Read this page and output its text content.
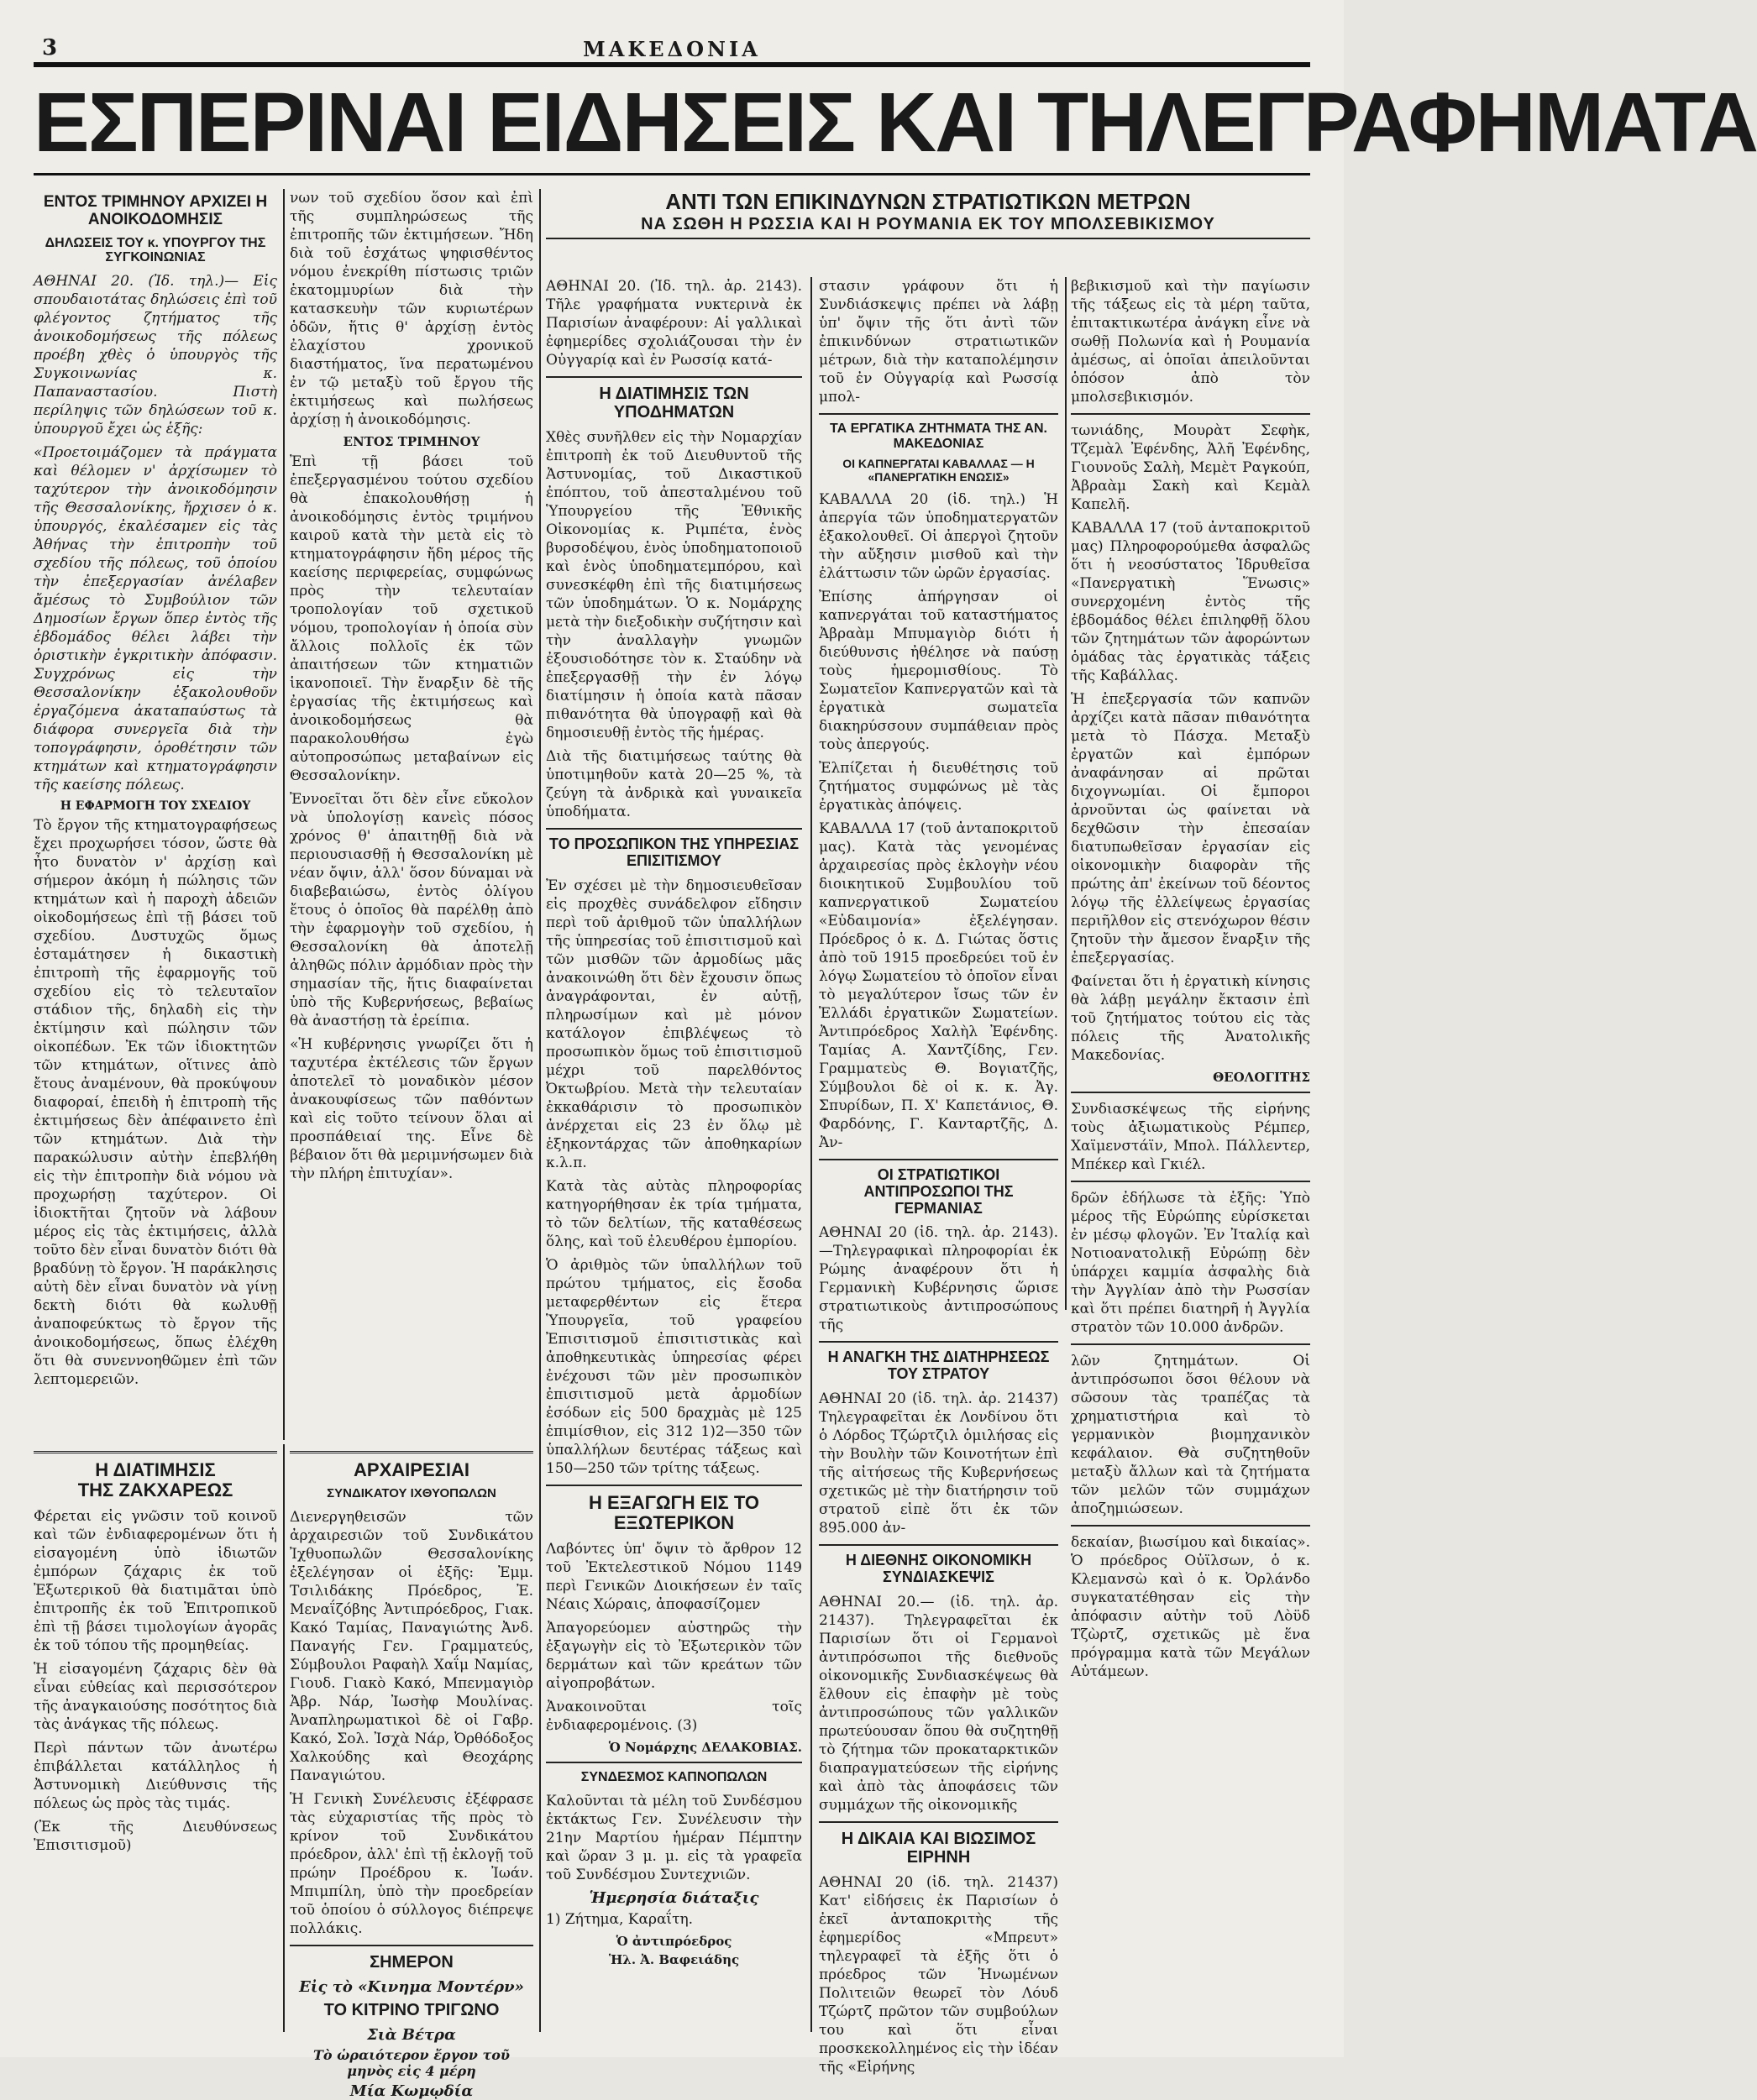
3	ΜΑΚΕΔΟΝΙΑ
ΕΣΠΕΡΙΝΑΙ ΕΙΔΗΣΕΙΣ ΚΑΙ ΤΗΛΕΓΡΑΦΗΜΑΤΑ
ΕΝΤΟΣ ΤΡΙΜΗΝΟΥ ΑΡΧΙΖΕΙ Η ΑΝΟΙΚΟΔΟΜΗΣΙΣ
ΔΗΛΩΣΕΙΣ ΤΟΥ κ. ΥΠΟΥΡΓΟΥ ΤΗΣ ΣΥΓΚΟΙΝΩΝΙΑΣ

ΑΘΗΝΑΙ 20. (Ἰδ. τηλ.)— Εἰς σπουδαιοτάτας δηλώσεις ἐπὶ τοῦ φλέγοντος ζητήματος τῆς ἀνοικοδομήσεως τῆς πόλεως προέβη χθὲς ὁ ὑπουργὸς τῆς Συγκοινωνίας κ. Παπαναστασίου. Πιστὴ περίληψις τῶν δηλώσεων τοῦ κ. ὑπουργοῦ ἔχει ὡς ἑξῆς:

«Προετοιμάζομεν τὰ πράγματα καὶ θέλομεν ν' ἀρχίσωμεν τὸ ταχύτερον τὴν ἀνοικοδόμησιν τῆς Θεσσαλονίκης, ἤρχισεν ὁ κ. ὑπουργός, ἐκαλέσαμεν εἰς τὰς Ἀθήνας τὴν ἐπιτροπὴν τοῦ σχεδίου τῆς πόλεως, τοῦ ὁποίου τὴν ἐπεξεργασίαν ἀνέλαβεν ἄμέσως τὸ Συμβούλιον τῶν Δημοσίων ἔργων ὅπερ ἐντὸς τῆς ἑβδομάδος θέλει λάβει τὴν ὁριστικὴν ἐγκριτικὴν ἀπόφασιν. Συγχρόνως εἰς τὴν Θεσσαλονίκην ἐξακολουθοῦν ἐργαζόμενα ἀκαταπαύστως τὰ διάφορα συνεργεῖα διὰ τὴν τοπογράφησιν, ὁροθέτησιν τῶν κτημάτων καὶ κτηματογράφησιν τῆς καείσης πόλεως.

Η ΕΦΑΡΜΟΓΗ ΤΟΥ ΣΧΕΔΙΟΥ

Τὸ ἔργον τῆς κτηματογραφήσεως ἔχει προχωρήσει τόσον, ὥστε θὰ ἦτο δυνατὸν ν' ἀρχίσῃ καὶ σήμερον ἀκόμη ἡ πώλησις τῶν κτημάτων καὶ ἡ παροχὴ ἀδειῶν οἰκοδομήσεως ἐπὶ τῇ βάσει τοῦ σχεδίου. Δυστυχῶς ὅμως ἐσταμάτησεν ἡ δικαστικὴ ἐπιτροπὴ τῆς ἐφαρμογῆς τοῦ σχεδίου εἰς τὸ τελευταῖον στάδιον τῆς, δηλαδὴ εἰς τὴν ἐκτίμησιν καὶ πώλησιν τῶν οἰκοπέδων. Ἐκ τῶν ἰδιοκτητῶν τῶν κτημάτων, οἵτινες ἀπὸ ἔτους ἀναμένουν, θὰ προκύψουν διαφοραί, ἐπειδὴ ἡ ἐπιτροπὴ τῆς ἐκτιμήσεως δὲν ἀπέφαινετο ἐπὶ τῶν κτημάτων. Διὰ τὴν παρακώλυσιν αὐτὴν ἐπεβλήθη εἰς τὴν ἐπιτροπὴν διὰ νόμου νὰ προχωρήσῃ ταχύτερον. Οἱ ἰδιοκτῆται ζητοῦν νὰ λάβουν μέρος εἰς τὰς ἐκτιμήσεις, ἀλλὰ τοῦτο δὲν εἶναι δυνατὸν διότι θὰ βραδύνῃ τὸ ἔργον. Ἡ παράκλησις αὐτὴ δὲν εἶναι δυνατὸν νὰ γίνῃ δεκτὴ διότι θὰ κωλυθῇ ἀναποφεύκτως τὸ ἔργον τῆς ἀνοικοδομήσεως, ὅπως ἐλέχθη ὅτι θὰ συνεννοηθῶμεν ἐπὶ τῶν λεπτομερειῶν.

νων τοῦ σχεδίου ὅσον καὶ ἐπὶ τῆς συμπληρώσεως τῆς ἐπιτροπῆς τῶν ἐκτιμήσεων. Ἤδη διὰ τοῦ ἐσχάτως ψηφισθέντος νόμου ἐνεκρίθη πίστωσις τριῶν ἑκατομμυρίων διὰ τὴν κατασκευὴν τῶν κυριωτέρων ὁδῶν, ἥτις θ' ἀρχίσῃ ἐντὸς ἐλαχίστου χρονικοῦ διαστήματος, ἵνα περατωμένου ἐν τῷ μεταξὺ τοῦ ἔργου τῆς ἐκτιμήσεως καὶ πωλήσεως ἀρχίσῃ ἡ ἀνοικοδόμησις.

ΕΝΤΟΣ ΤΡΙΜΗΝΟΥ

Ἐπὶ τῇ βάσει τοῦ ἐπεξεργασμένου τούτου σχεδίου θὰ ἐπακολουθήσῃ ἡ ἀνοικοδόμησις ἐντὸς τριμήνου καιροῦ κατὰ τὴν μετὰ εἰς τὸ κτηματογράφησιν ἤδη μέρος τῆς καείσης περιφερείας, συμφώνως πρὸς τὴν τελευταίαν τροπολογίαν τοῦ σχετικοῦ νόμου, τροπολογίαν ἡ ὁποία σὺν ἄλλοις πολλοῖς ἐκ τῶν ἀπαιτήσεων τῶν κτηματιῶν ἱκανοποιεῖ. Τὴν ἔναρξιν δὲ τῆς ἐργασίας τῆς ἐκτιμήσεως καὶ ἀνοικοδομήσεως θὰ παρακολουθήσω ἐγὼ αὐτοπροσώπως μεταβαίνων εἰς Θεσσαλονίκην.

Ἐννοεῖται ὅτι δὲν εἶνε εὔκολον νὰ ὑπολογίσῃ κανεὶς πόσος χρόνος θ' ἀπαιτηθῇ διὰ νὰ περιουσιασθῇ ἡ Θεσσαλονίκη μὲ νέαν ὄψιν, ἀλλ' ὅσον δύναμαι νὰ διαβεβαιώσω, ἐντὸς ὀλίγου ἔτους ὁ ὁποῖος θὰ παρέλθῃ ἀπὸ τὴν ἐφαρμογὴν τοῦ σχεδίου, ἡ Θεσσαλονίκη θὰ ἀποτελῇ ἀληθῶς πόλιν ἀρμόδιαν πρὸς τὴν σημασίαν τῆς, ἥτις διαφαίνεται ὑπὸ τῆς Κυβερνήσεως, βεβαίως θὰ ἀναστήσῃ τὰ ἐρείπια.

«Ἡ κυβέρνησις γνωρίζει ὅτι ἡ ταχυτέρα ἐκτέλεσις τῶν ἔργων ἀποτελεῖ τὸ μοναδικὸν μέσον ἀνακουφίσεως τῶν παθόντων καὶ εἰς τοῦτο τείνουν ὅλαι αἱ προσπάθειαί της. Εἶνε δὲ βέβαιον ὅτι θὰ μεριμνήσωμεν διὰ τὴν πλήρη ἐπιτυχίαν».

Η ΔΙΑΤΙΜΗΣΙΣ
ΤΗΣ ΖΑΚΧΑΡΕΩΣ

Φέρεται εἰς γνῶσιν τοῦ κοινοῦ καὶ τῶν ἐνδιαφερομένων ὅτι ἡ εἰσαγομένη ὑπὸ ἰδιωτῶν ἐμπόρων ζάχαρις ἐκ τοῦ Ἐξωτερικοῦ θὰ διατιμᾶται ὑπὸ ἐπιτροπῆς ἐκ τοῦ Ἐπιτροπικοῦ ἐπὶ τῇ βάσει τιμολογίων ἀγορᾶς ἐκ τοῦ τόπου τῆς προμηθείας.

Ἡ εἰσαγομένη ζάχαρις δὲν θὰ εἶναι εὐθείας καὶ περισσότερον τῆς ἀναγκαιούσης ποσότητος διὰ τὰς ἀνάγκας τῆς πόλεως.

Περὶ πάντων τῶν ἀνωτέρω ἐπιβάλλεται κατάλληλος ἡ Ἀστυνομικὴ Διεύθυνσις τῆς πόλεως ὡς πρὸς τὰς τιμάς.

(Ἐκ τῆς Διευθύνσεως Ἐπισιτισμοῦ)

ΑΡΧΑΙΡΕΣΙΑΙ
ΣΥΝΔΙΚΑΤΟΥ ΙΧΘΥΟΠΩΛΩΝ

Διενεργηθεισῶν τῶν ἀρχαιρεσιῶν τοῦ Συνδικάτου Ἰχθυοπωλῶν Θεσσαλονίκης ἐξελέγησαν οἱ ἑξῆς: Ἐμμ. Τσιλιδάκης Πρόεδρος, Ἐ. Μεναΐζόβης Ἀντιπρόεδρος, Γιακ. Κακό Ταμίας, Παναγιώτης Ἀνδ. Παναγής Γεν. Γραμματεύς, Σύμβουλοι Ραφαὴλ Χαΐμ Ναμίας, Γιουδ. Γιακὸ Κακό, Μπενμαγιὸρ Ἀβρ. Νάρ, Ἰωσὴφ Μουλίνας. Ἀναπληρωματικοὶ δὲ οἱ Γαβρ. Κακό, Σολ. Ἰσχὰ Νάρ, Ὀρθόδοξος Χαλκούδης καὶ Θεοχάρης Παναγιώτου.

Ἡ Γενικὴ Συνέλευσις ἐξέφρασε τὰς εὐχαριστίας τῆς πρὸς τὸ κρίνον τοῦ Συνδικάτου πρόεδρον, ἀλλ' ἐπὶ τῇ ἐκλογῇ τοῦ πρώην Προέδρου κ. Ἰωάν. Μπιμπίλη, ὑπὸ τὴν προεδρείαν τοῦ ὁποίου ὁ σύλλογος διέπρεψε πολλάκις.

ΣΗΜΕΡΟΝ
Εἰς τὸ «Κινημα Μοντέρν»
ΤΟ ΚΙΤΡΙΝΟ ΤΡΙΓΩΝΟ
Σιὰ Βέτρα
Τὸ ὡραιότερον ἔργον τοῦ μηνὸς εἰς 4 μέρη
Μία Κωμῳδία
ΑΝΤΙ ΤΩΝ ΕΠΙΚΙΝΔΥΝΩΝ ΣΤΡΑΤΙΩΤΙΚΩΝ ΜΕΤΡΩΝ
ΝΑ ΣΩΘΗ Η ΡΩΣΣΙΑ ΚΑΙ Η ΡΟΥΜΑΝΙΑ ΕΚ ΤΟΥ ΜΠΟΛΣΕΒΙΚΙΣΜΟΥ

ΑΘΗΝΑΙ 20. (Ἰδ. τηλ. ἀρ. 2143). Τῆλε γραφήματα νυκτερινὰ ἐκ Παρισίων ἀναφέρουν: Αἱ γαλλικαὶ ἐφημερίδες σχολιάζουσαι τὴν ἐν Οὐγγαρίᾳ καὶ ἐν Ρωσσίᾳ κατά-

Η ΔΙΑΤΙΜΗΣΙΣ ΤΩΝ ΥΠΟΔΗΜΑΤΩΝ

Χθὲς συνῆλθεν εἰς τὴν Νομαρχίαν ἐπιτροπὴ ἐκ τοῦ Διευθυντοῦ τῆς Ἀστυνομίας, τοῦ Δικαστικοῦ ἐπόπτου, τοῦ ἀπεσταλμένου τοῦ Ὑπουργείου τῆς Ἐθνικῆς Οἰκονομίας κ. Ριμπέτα, ἑνὸς βυρσοδέψου, ἑνὸς ὑποδηματοποιοῦ καὶ ἑνὸς ὑποδηματεμπόρου, καὶ συνεσκέφθη ἐπὶ τῆς διατιμήσεως τῶν ὑποδημάτων. Ὁ κ. Νομάρχης μετὰ τὴν διεξοδικὴν συζήτησιν καὶ τὴν ἀναλλαγὴν γνωμῶν ἐξουσιοδότησε τὸν κ. Σταύδην νὰ ἐπεξεργασθῇ τὴν ἐν λόγῳ διατίμησιν ἡ ὁποία κατὰ πᾶσαν πιθανότητα θὰ ὑπογραφῇ καὶ θὰ δημοσιευθῇ ἐντὸς τῆς ἡμέρας.

Διὰ τῆς διατιμήσεως ταύτης θὰ ὑποτιμηθοῦν κατὰ 20—25 %, τὰ ζεύγη τὰ ἀνδρικὰ καὶ γυναικεῖα ὑποδήματα.

ΤΟ ΠΡΟΣΩΠΙΚΟΝ ΤΗΣ ΥΠΗΡΕΣΙΑΣ ΕΠΙΣΙΤΙΣΜΟΥ

Ἐν σχέσει μὲ τὴν δημοσιευθεῖσαν εἰς προχθὲς συνάδελφον εἴδησιν περὶ τοῦ ἀριθμοῦ τῶν ὑπαλλήλων τῆς ὑπηρεσίας τοῦ ἐπισιτισμοῦ καὶ τῶν μισθῶν τῶν ἀρμοδίως μᾶς ἀνακοινώθη ὅτι δὲν ἔχουσιν ὅπως ἀναγράφονται, ἐν αὐτῇ, πληρωσίμων καὶ μὲ μόνον κατάλογον ἐπιβλέψεως τὸ προσωπικὸν ὅμως τοῦ ἐπισιτισμοῦ μέχρι τοῦ παρελθόντος Ὀκτωβρίου. Μετὰ τὴν τελευταίαν ἐκκαθάρισιν τὸ προσωπικὸν ἀνέρχεται εἰς 23 ἐν ὅλῳ μὲ ἑξηκοντάρχας τῶν ἀποθηκαρίων κ.λ.π.

Κατὰ τὰς αὐτὰς πληροφορίας κατηγορήθησαν ἐκ τρία τμήματα, τὸ τῶν δελτίων, τῆς καταθέσεως ὅλης, καὶ τοῦ ἐλευθέρου ἐμπορίου.

Ὁ ἀριθμὸς τῶν ὑπαλλήλων τοῦ πρώτου τμήματος, εἰς ἔσοδα μεταφερθέντων εἰς ἕτερα Ὑπουργεῖα, τοῦ γραφείου Ἐπισιτισμοῦ ἐπισιτιστικὰς καὶ ἀποθηκευτικὰς ὑπηρεσίας φέρει ἐνέχουσι τῶν μὲν προσωπικὸν ἐπισιτισμοῦ μετὰ ἁρμοδίων ἐσόδων εἰς 500 δραχμὰς μὲ 125 ἐπιμίσθιον, εἰς 312 1)2—350 τῶν ὑπαλλήλων δευτέρας τάξεως καὶ 150—250 τῶν τρίτης τάξεως.

Η ΕΞΑΓΩΓΗ ΕΙΣ ΤΟ ΕΞΩΤΕΡΙΚΟΝ

Λαβόντες ὑπ' ὄψιν τὸ ἄρθρον 12 τοῦ Ἐκτελεστικοῦ Νόμου 1149 περὶ Γενικῶν Διοικήσεων ἐν ταῖς Νέαις Χώραις, ἀποφασίζομεν

Ἀπαγορεύομεν αὐστηρῶς τὴν ἐξαγωγὴν εἰς τὸ Ἐξωτερικὸν τῶν δερμάτων καὶ τῶν κρεάτων τῶν αἰγοπροβάτων.

Ἀνακοινοῦται τοῖς ἐνδιαφερομένοις. (3)

Ὁ Νομάρχης ΔΕΛΑΚΟΒΙΑΣ.
ΣΥΝΔΕΣΜΟΣ ΚΑΠΝΟΠΩΛΩΝ

Καλοῦνται τὰ μέλη τοῦ Συνδέσμου ἐκτάκτως Γεν. Συνέλευσιν τὴν 21ην Μαρτίου ἡμέραν Πέμπτην καὶ ὥραν 3 μ. μ. εἰς τὰ γραφεῖα τοῦ Συνδέσμου Συντεχνιῶν.

Ἡμερησία διάταξις

1) Ζήτημα, Καραΐτη.

Ὁ ἀντιπρόεδρος
Ἡλ. Ἀ. Βαφειάδης

στασιν γράφουν ὅτι ἡ Συνδιάσκεψις πρέπει νὰ λάβῃ ὑπ' ὄψιν τῆς ὅτι ἀντὶ τῶν ἐπικινδύνων στρατιωτικῶν μέτρων, διὰ τὴν καταπολέμησιν τοῦ ἐν Οὐγγαρίᾳ καὶ Ρωσσίᾳ μπολ-

ΤΑ ΕΡΓΑΤΙΚΑ ΖΗΤΗΜΑΤΑ ΤΗΣ ΑΝ. ΜΑΚΕΔΟΝΙΑΣ
ΟΙ ΚΑΠΝΕΡΓΑΤΑΙ ΚΑΒΑΛΛΑΣ — Η «ΠΑΝΕΡΓΑΤΙΚΗ ΕΝΩΣΙΣ»

ΚΑΒΑΛΛΑ 20 (ἰδ. τηλ.) Ἡ ἀπεργία τῶν ὑποδηματεργατῶν ἐξακολουθεῖ. Οἱ ἀπεργοὶ ζητοῦν τὴν αὔξησιν μισθοῦ καὶ τὴν ἐλάττωσιν τῶν ὡρῶν ἐργασίας.

Ἐπίσης ἀπήργησαν οἱ καπνεργάται τοῦ καταστήματος Ἀβραὰμ Μπυμαγιὸρ διότι ἡ διεύθυνσις ἠθέλησε νὰ παύσῃ τοὺς ἡμερομισθίους. Τὸ Σωματεῖον Καπνεργατῶν καὶ τὰ ἐργατικὰ σωματεῖα διακηρύσσουν συμπάθειαν πρὸς τοὺς ἀπεργούς.

Ἐλπίζεται ἡ διευθέτησις τοῦ ζητήματος συμφώνως μὲ τὰς ἐργατικὰς ἀπόψεις.

ΚΑΒΑΛΛΑ 17 (τοῦ ἀνταποκριτοῦ μας). Κατὰ τὰς γενομένας ἀρχαιρεσίας πρὸς ἐκλογὴν νέου διοικητικοῦ Συμβουλίου τοῦ καπνεργατικοῦ Σωματείου «Εὐδαιμονία» ἐξελέγησαν. Πρόεδρος ὁ κ. Δ. Γιώτας ὅστις ἀπὸ τοῦ 1915 προεδρεύει τοῦ ἐν λόγῳ Σωματείου τὸ ὁποῖον εἶναι τὸ μεγαλύτερον ἴσως τῶν ἐν Ἑλλάδι ἐργατικῶν Σωματείων. Ἀντιπρόεδρος Χαλὴλ Ἐφένδης. Ταμίας Α. Χαντζίδης, Γεν. Γραμματεὺς Θ. Βογιατζῆς, Σύμβουλοι δὲ οἱ κ. κ. Ἀγ. Σπυρίδων, Π. Χ' Καπετάνιος, Θ. Φαρδόνης, Γ. Κανταρτζῆς, Δ. Ἀν-

ΟΙ ΣΤΡΑΤΙΩΤΙΚΟΙ ΑΝΤΙΠΡΟΣΩΠΟΙ ΤΗΣ ΓΕΡΜΑΝΙΑΣ

ΑΘΗΝΑΙ 20 (ἰδ. τηλ. ἀρ. 2143).—Τηλεγραφικαὶ πληροφορίαι ἐκ Ρώμης ἀναφέρουν ὅτι ἡ Γερμανικὴ Κυβέρνησις ὥρισε στρατιωτικοὺς ἀντιπροσώπους τῆς

Η ΑΝΑΓΚΗ ΤΗΣ ΔΙΑΤΗΡΗΣΕΩΣ ΤΟΥ ΣΤΡΑΤΟΥ

ΑΘΗΝΑΙ 20 (ἰδ. τηλ. ἀρ. 21437) Τηλεγραφεῖται ἐκ Λονδίνου ὅτι ὁ Λόρδος Τζώρτζιλ ὁμιλήσας εἰς τὴν Βουλὴν τῶν Κοινοτήτων ἐπὶ τῆς αἰτήσεως τῆς Κυβερνήσεως σχετικῶς μὲ τὴν διατήρησιν τοῦ στρατοῦ εἰπὲ ὅτι ἐκ τῶν 895.000 ἀν-

Η ΔΙΕΘΝΗΣ ΟΙΚΟΝΟΜΙΚΗ ΣΥΝΔΙΑΣΚΕΨΙΣ

ΑΘΗΝΑΙ 20.— (ἰδ. τηλ. ἀρ. 21437). Τηλεγραφεῖται ἐκ Παρισίων ὅτι οἱ Γερμανοὶ ἀντιπρόσωποι τῆς διεθνοῦς οἰκονομικῆς Συνδιασκέψεως θὰ ἔλθουν εἰς ἐπαφὴν μὲ τοὺς ἀντιπροσώπους τῶν γαλλικῶν πρωτεύουσαν ὅπου θὰ συζητηθῇ τὸ ζήτημα τῶν προκαταρκτικῶν διαπραγματεύσεων τῆς εἰρήνης καὶ ἀπὸ τὰς ἀποφάσεις τῶν συμμάχων τῆς οἰκονομικῆς

Η ΔΙΚΑΙΑ ΚΑΙ ΒΙΩΣΙΜΟΣ ΕΙΡΗΝΗ

ΑΘΗΝΑΙ 20 (ἰδ. τηλ. 21437) Κατ' εἰδήσεις ἐκ Παρισίων ὁ ἐκεῖ ἀνταποκριτὴς τῆς ἐφημερίδος «Μπρευτ» τηλεγραφεῖ τὰ ἑξῆς ὅτι ὁ πρόεδρος τῶν Ἡνωμένων Πολιτειῶν θεωρεῖ τὸν Λόυδ Τζώρτζ πρῶτον τῶν συμβούλων του καὶ ὅτι εἶναι προσκεκολλημένος εἰς τὴν ἰδέαν τῆς «Εἰρήνης

βεβικισμοῦ καὶ τὴν παγίωσιν τῆς τάξεως εἰς τὰ μέρη ταῦτα, ἐπιτακτικωτέρα ἀνάγκη εἶνε νὰ σωθῇ Πολωνία καὶ ἡ Ρουμανία ἀμέσως, αἱ ὁποῖαι ἀπειλοῦνται ὁπόσον ἀπὸ τὸν μπολσεβικισμόν.

τωνιάδης, Μουρὰτ Σεφὴκ, Τζεμὰλ Ἐφένδης, Ἀλῆ Ἐφένδης, Γιουνοῦς Σαλὴ, Μεμὲτ Ραγκούπ, Ἀβραὰμ Σακὴ καὶ Κεμὰλ Καπελῆ.

ΚΑΒΑΛΛΑ 17 (τοῦ ἀνταποκριτοῦ μας) Πληροφορούμεθα ἀσφαλῶς ὅτι ἡ νεοσύστατος Ἰδρυθεῖσα «Πανεργατικὴ Ἕνωσις» συνερχομένη ἐντὸς τῆς ἑβδομάδος θέλει ἐπιληφθῇ ὅλου τῶν ζητημάτων τῶν ἀφορώντων ὁμάδας τὰς ἐργατικὰς τάξεις τῆς Καβάλλας.

Ἡ ἐπεξεργασία τῶν καπνῶν ἀρχίζει κατὰ πᾶσαν πιθανότητα μετὰ τὸ Πάσχα. Μεταξὺ ἐργατῶν καὶ ἐμπόρων ἀναφάνησαν αἱ πρῶται διχογνωμίαι. Οἱ ἔμποροι ἀρνοῦνται ὡς φαίνεται νὰ δεχθῶσιν τὴν ἐπεσαίαν διατυπωθεῖσαν ἐργασίαν εἰς οἰκονομικὴν διαφορὰν τῆς πρώτης ἀπ' ἐκείνων τοῦ δέοντος λόγῳ τῆς ἐλλείψεως ἐργασίας περιῆλθον εἰς στενόχωρον θέσιν ζητοῦν τὴν ἄμεσον ἔναρξιν τῆς ἐπεξεργασίας.

Φαίνεται ὅτι ἡ ἐργατικὴ κίνησις θὰ λάβῃ μεγάλην ἔκτασιν ἐπὶ τοῦ ζητήματος τούτου εἰς τὰς πόλεις τῆς Ἀνατολικῆς Μακεδονίας.

ΘΕΟΛΟΓΙΤΗΣ

Συνδιασκέψεως τῆς εἰρήνης τοὺς ἀξιωματικοὺς Ρέμπερ, Χαϊμενστάϊν, Μπολ. Πάλλεντερ, Μπέκερ καὶ Γκιέλ.

δρῶν ἐδήλωσε τὰ ἑξῆς: Ὑπὸ μέρος τῆς Εὐρώπης εὑρίσκεται ἐν μέσῳ φλογῶν. Ἐν Ἰταλίᾳ καὶ Νοτιοανατολικῇ Εὐρώπῃ δὲν ὑπάρχει καμμία ἀσφαλὴς διὰ τὴν Ἀγγλίαν ἀπὸ τὴν Ρωσσίαν καὶ ὅτι πρέπει διατηρῆ ἡ Ἀγγλία στρατὸν τῶν 10.000 ἀνδρῶν.

λῶν ζητημάτων. Οἱ ἀντιπρόσωποι ὅσοι θέλουν νὰ σῶσουν τὰς τραπέζας τὰ χρηματιστήρια καὶ τὸ γερμανικὸν βιομηχανικὸν κεφάλαιον. Θὰ συζητηθοῦν μεταξὺ ἄλλων καὶ τὰ ζητήματα τῶν μελῶν τῶν συμμάχων ἀποζημιώσεων.

δεκαίαν, βιωσίμου καὶ δικαίας». Ὁ πρόεδρος Οὐϊλσων, ὁ κ. Κλεμανσὼ καὶ ὁ κ. Ὀρλάνδο συγκατατέθησαν εἰς τὴν ἀπόφασιν αὐτὴν τοῦ Λὸϋδ Τζὼρτζ, σχετικῶς μὲ ἕνα πρόγραμμα κατὰ τῶν Μεγάλων Αὐτάμεων.
